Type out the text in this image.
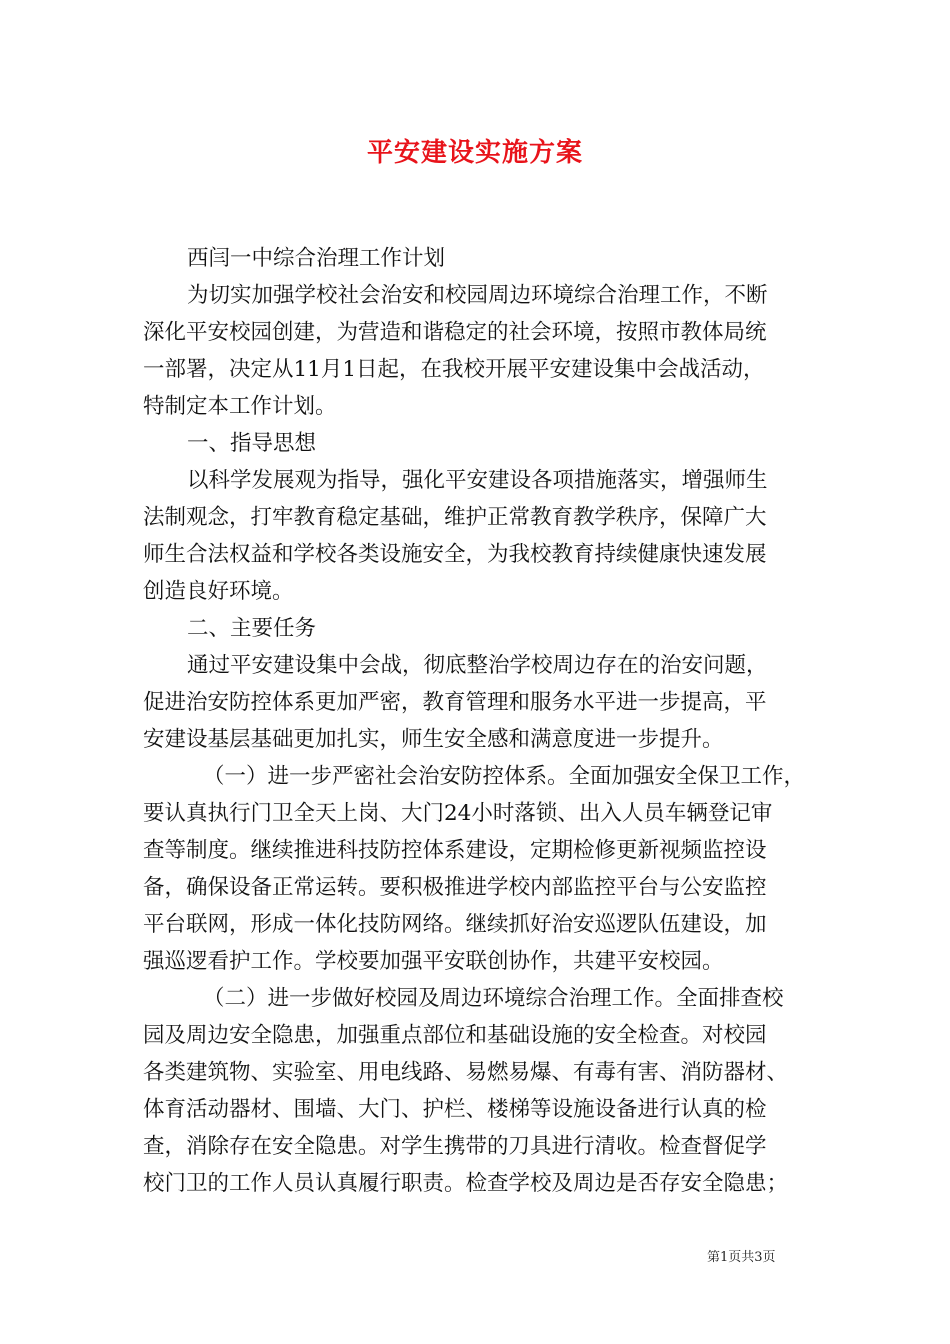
平安建设实施方案
西闫一中综合治理工作计划
为切实加强学校社会治安和校园周边环境综合治理工作，不断
深化平安校园创建，为营造和谐稳定的社会环境，按照市教体局统
一部署，决定从11月1日起，在我校开展平安建设集中会战活动，
特制定本工作计划。
一、指导思想
以科学发展观为指导，强化平安建设各项措施落实，增强师生
法制观念，打牢教育稳定基础，维护正常教育教学秩序，保障广大
师生合法权益和学校各类设施安全，为我校教育持续健康快速发展
创造良好环境。
二、主要任务
通过平安建设集中会战，彻底整治学校周边存在的治安问题，
促进治安防控体系更加严密，教育管理和服务水平进一步提高，平
安建设基层基础更加扎实，师生安全感和满意度进一步提升。
（一）进一步严密社会治安防控体系。全面加强安全保卫工作，
要认真执行门卫全天上岗、大门24小时落锁、出入人员车辆登记审
查等制度。继续推进科技防控体系建设，定期检修更新视频监控设
备，确保设备正常运转。要积极推进学校内部监控平台与公安监控
平台联网，形成一体化技防网络。继续抓好治安巡逻队伍建设，加
强巡逻看护工作。学校要加强平安联创协作，共建平安校园。
（二）进一步做好校园及周边环境综合治理工作。全面排查校
园及周边安全隐患，加强重点部位和基础设施的安全检查。对校园
各类建筑物、实验室、用电线路、易燃易爆、有毒有害、消防器材、
体育活动器材、围墙、大门、护栏、楼梯等设施设备进行认真的检
查，消除存在安全隐患。对学生携带的刀具进行清收。检查督促学
校门卫的工作人员认真履行职责。检查学校及周边是否存安全隐患；
第1页共3页
